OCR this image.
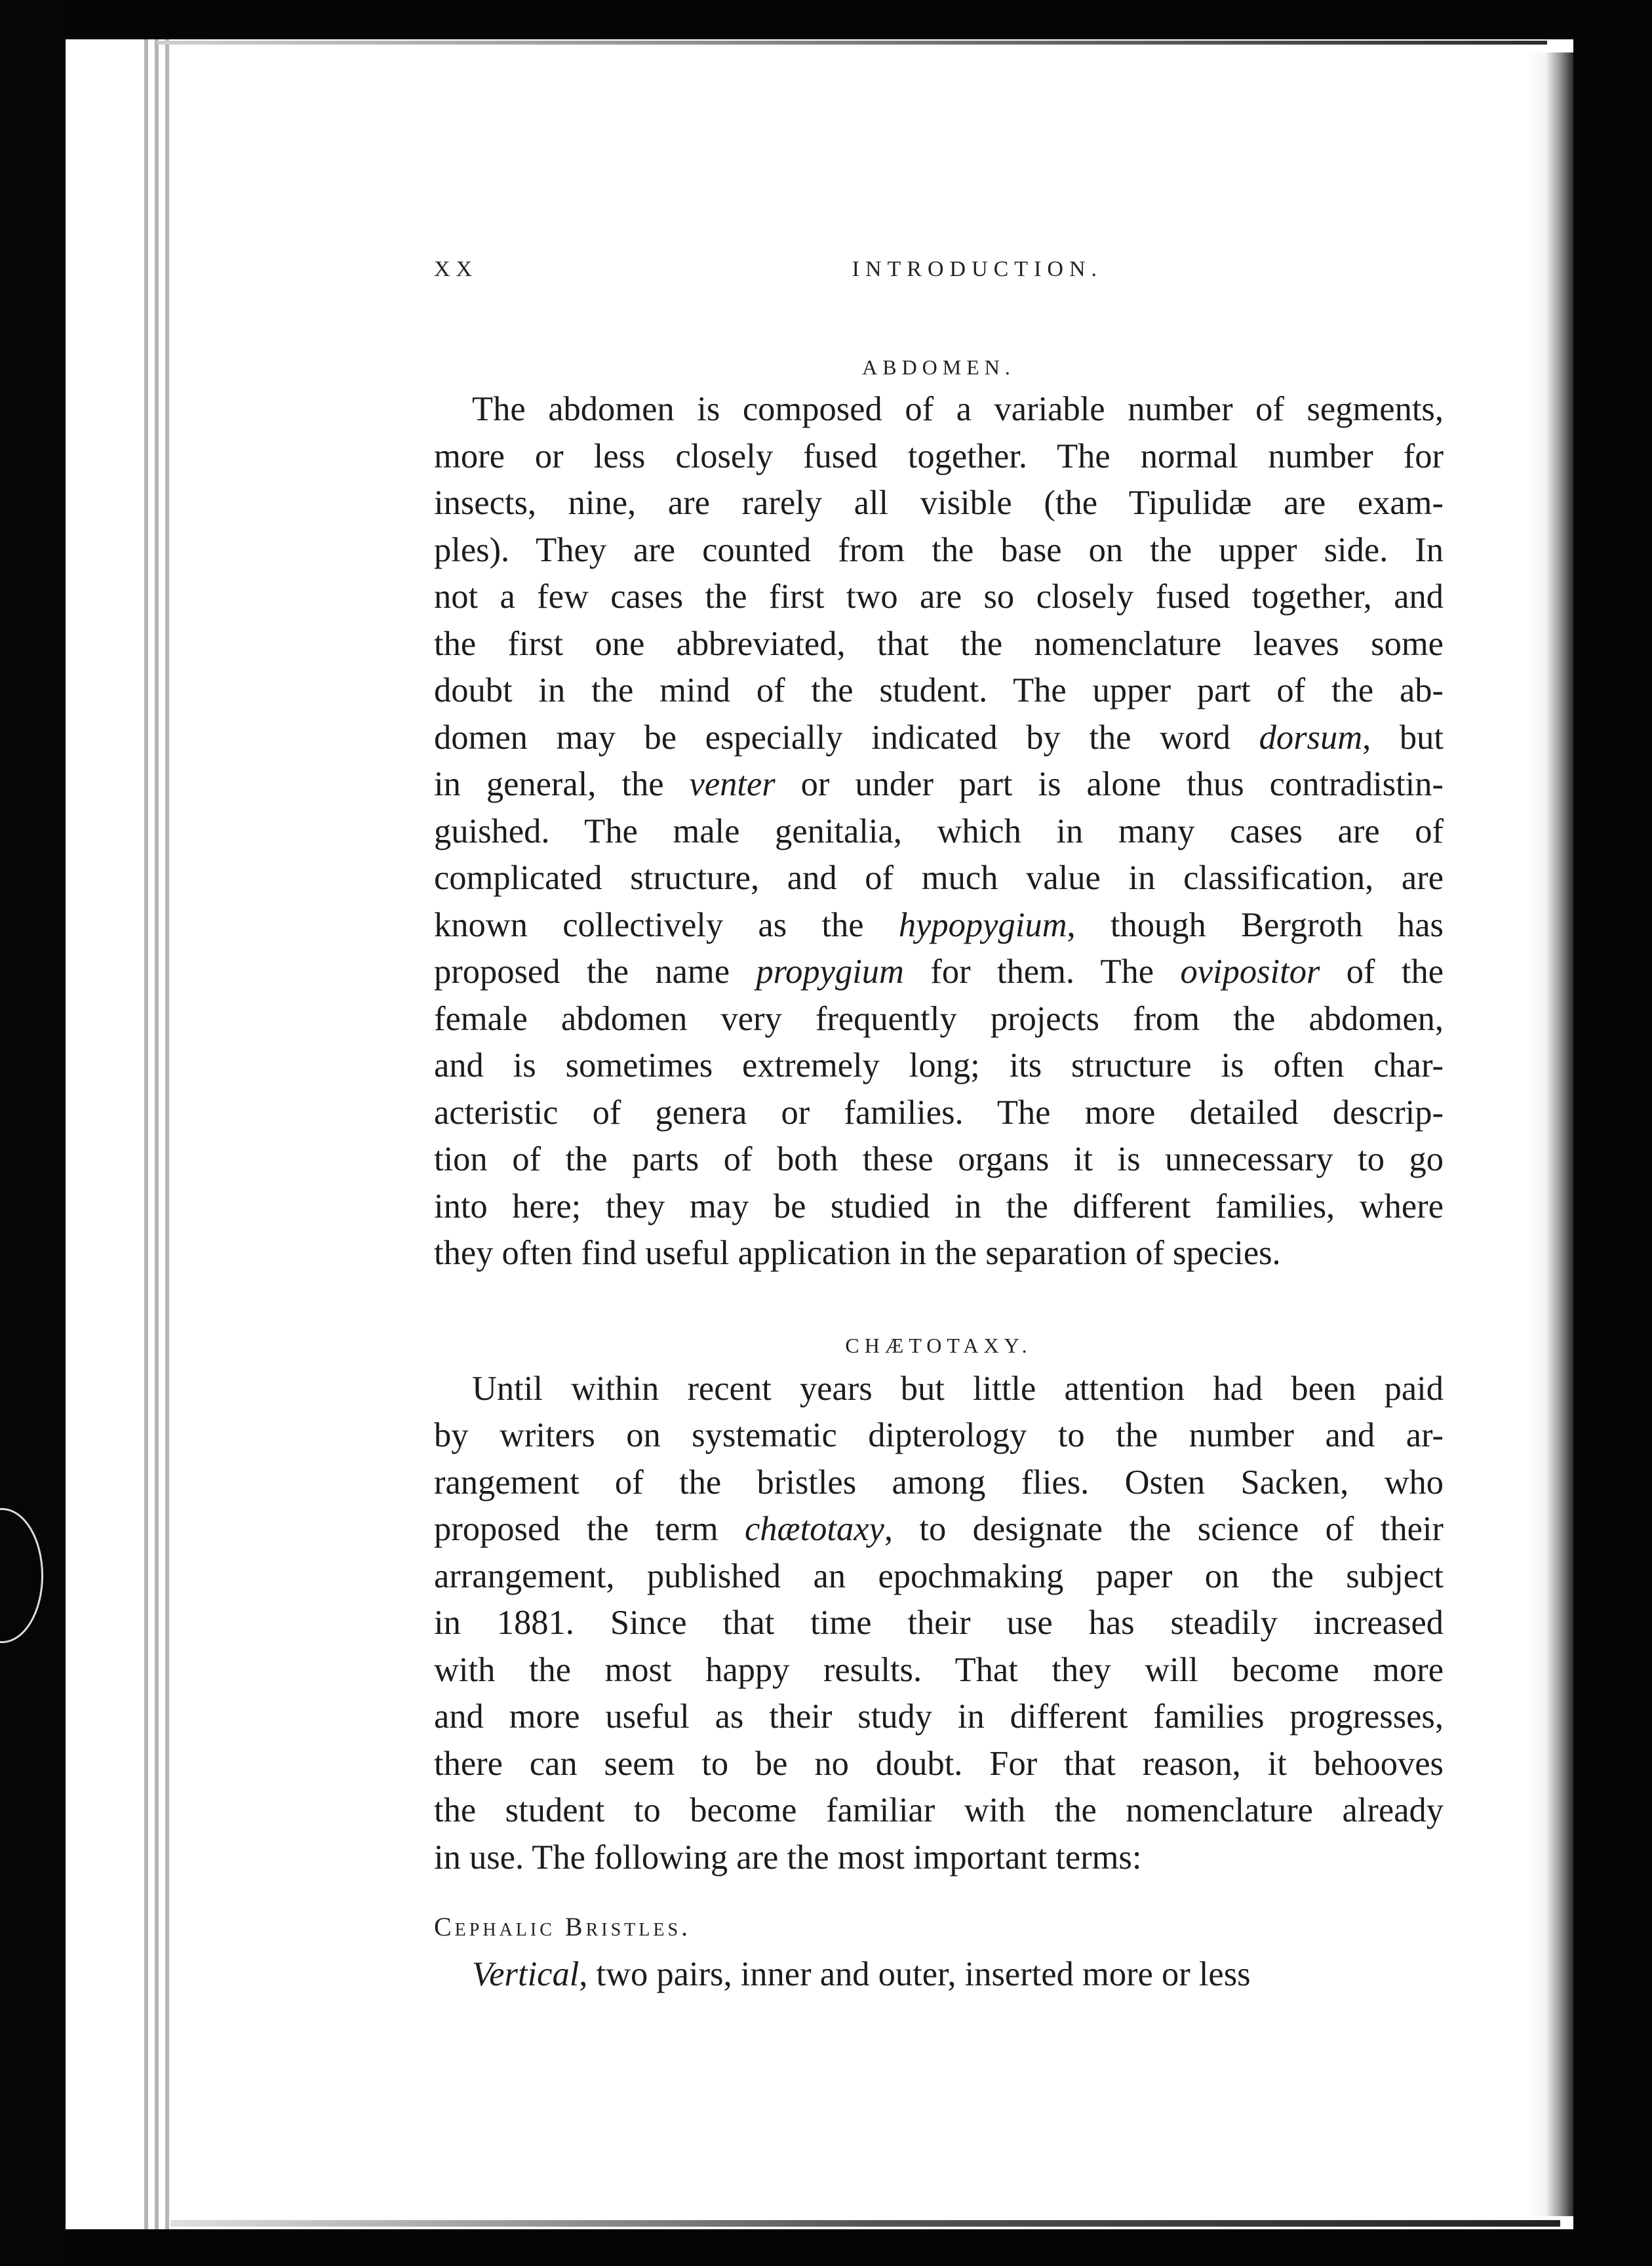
XX	INTRODUCTION.
ABDOMEN.

The abdomen is composed of a variable number of segments,
more or less closely fused together. The normal number for
insects, nine, are rarely all visible (the Tipulidæ are exam-
ples). They are counted from the base on the upper side. In
not a few cases the first two are so closely fused together, and
the first one abbreviated, that the nomenclature leaves some
doubt in the mind of the student. The upper part of the ab-
domen may be especially indicated by the word dorsum, but
in general, the venter or under part is alone thus contradistin-
guished. The male genitalia, which in many cases are of
complicated structure, and of much value in classification, are
known collectively as the hypopygium, though Bergroth has
proposed the name propygium for them. The ovipositor of the
female abdomen very frequently projects from the abdomen,
and is sometimes extremely long; its structure is often char-
acteristic of genera or families. The more detailed descrip-
tion of the parts of both these organs it is unnecessary to go
into here; they may be studied in the different families, where
they often find useful application in the separation of species.

CHÆTOTAXY.

Until within recent years but little attention had been paid
by writers on systematic dipterology to the number and ar-
rangement of the bristles among flies. Osten Sacken, who
proposed the term chætotaxy, to designate the science of their
arrangement, published an epochmaking paper on the subject
in 1881. Since that time their use has steadily increased
with the most happy results. That they will become more
and more useful as their study in different families progresses,
there can seem to be no doubt. For that reason, it behooves
the student to become familiar with the nomenclature already
in use. The following are the most important terms:

Cephalic Bristles.

Vertical, two pairs, inner and outer, inserted more or less
